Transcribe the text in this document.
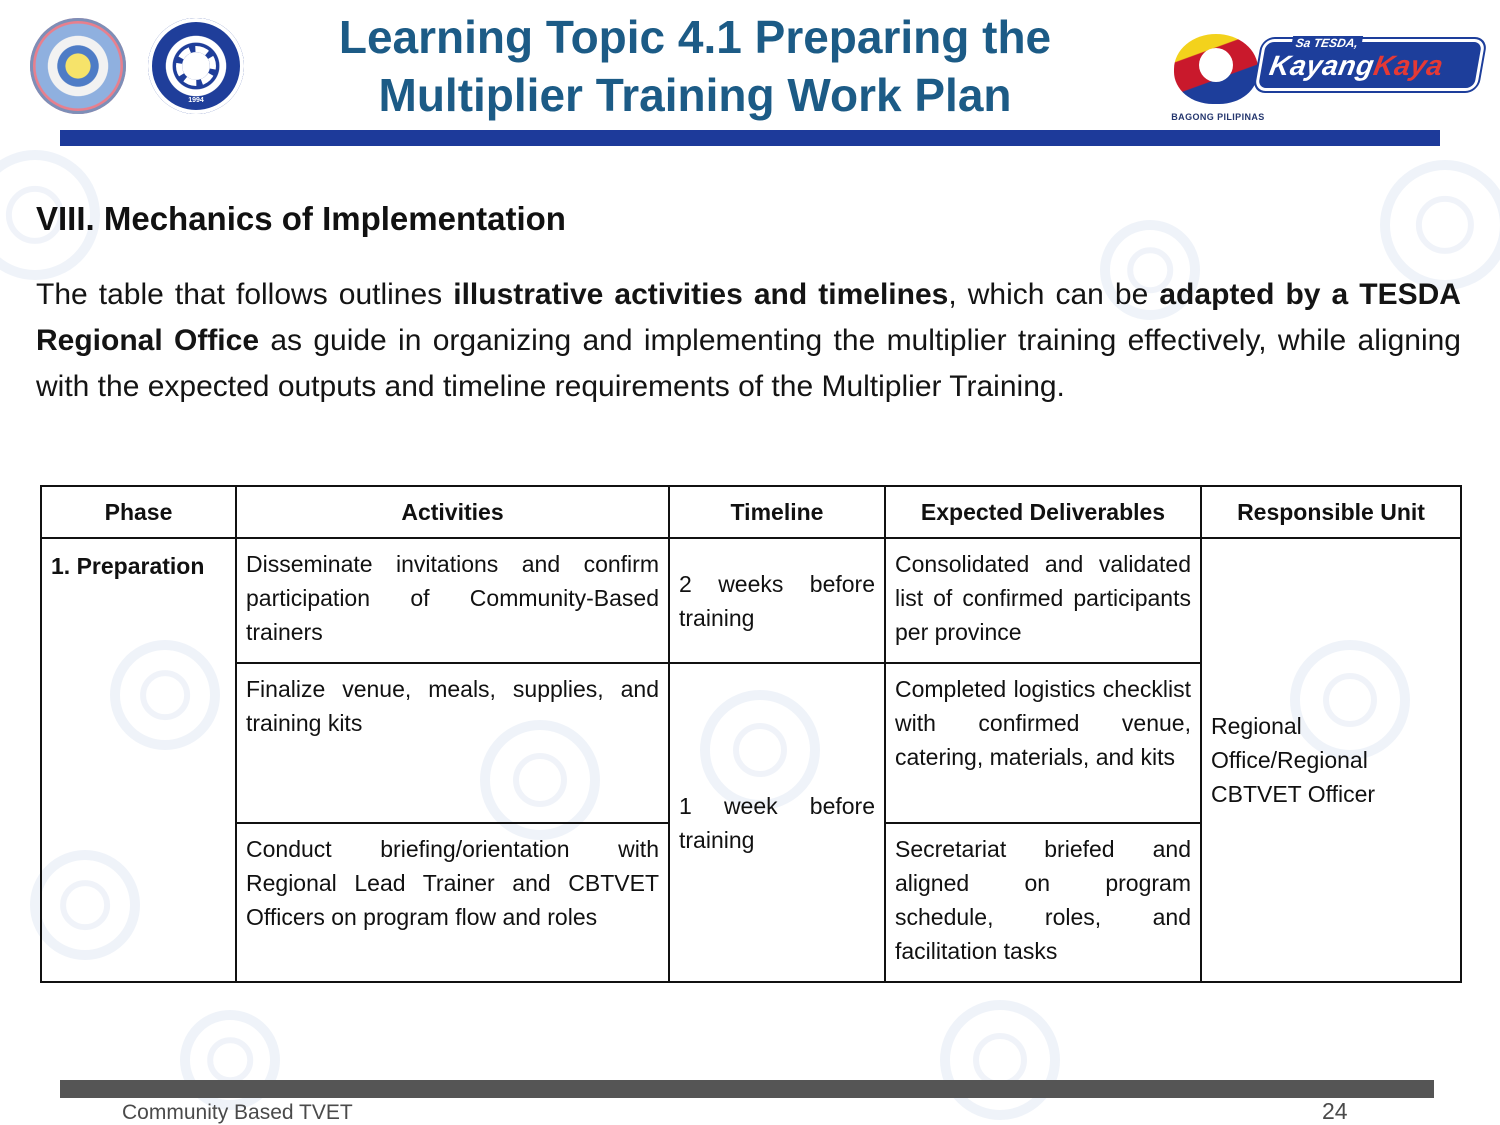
1994
Learning Topic 4.1 Preparing the
Multiplier Training Work Plan	BAGONG PILIPINAS
Sa TESDA,
KayangKaya
VIII. Mechanics of Implementation

The table that follows outlines illustrative activities and timelines, which can be adapted by a TESDA Regional Office as guide in organizing and implementing the multiplier training effectively, while aligning with the expected outputs and timeline requirements of the Multiplier Training.

Phase	Activities	Timeline	Expected Deliverables	Responsible Unit
1. Preparation	Disseminate invitations and confirm participation of Community-Based trainers	2 weeks before training	Consolidated and validated list of confirmed participants per province	Regional Office/Regional CBTVET Officer
	Finalize venue, meals, supplies, and training kits	1 week before training	Completed logistics checklist with confirmed venue, catering, materials, and kits	
	Conduct briefing/orientation with Regional Lead Trainer and CBTVET Officers on program flow and roles		Secretariat briefed and aligned on program schedule, roles, and facilitation tasks	
Community Based TVET	24
